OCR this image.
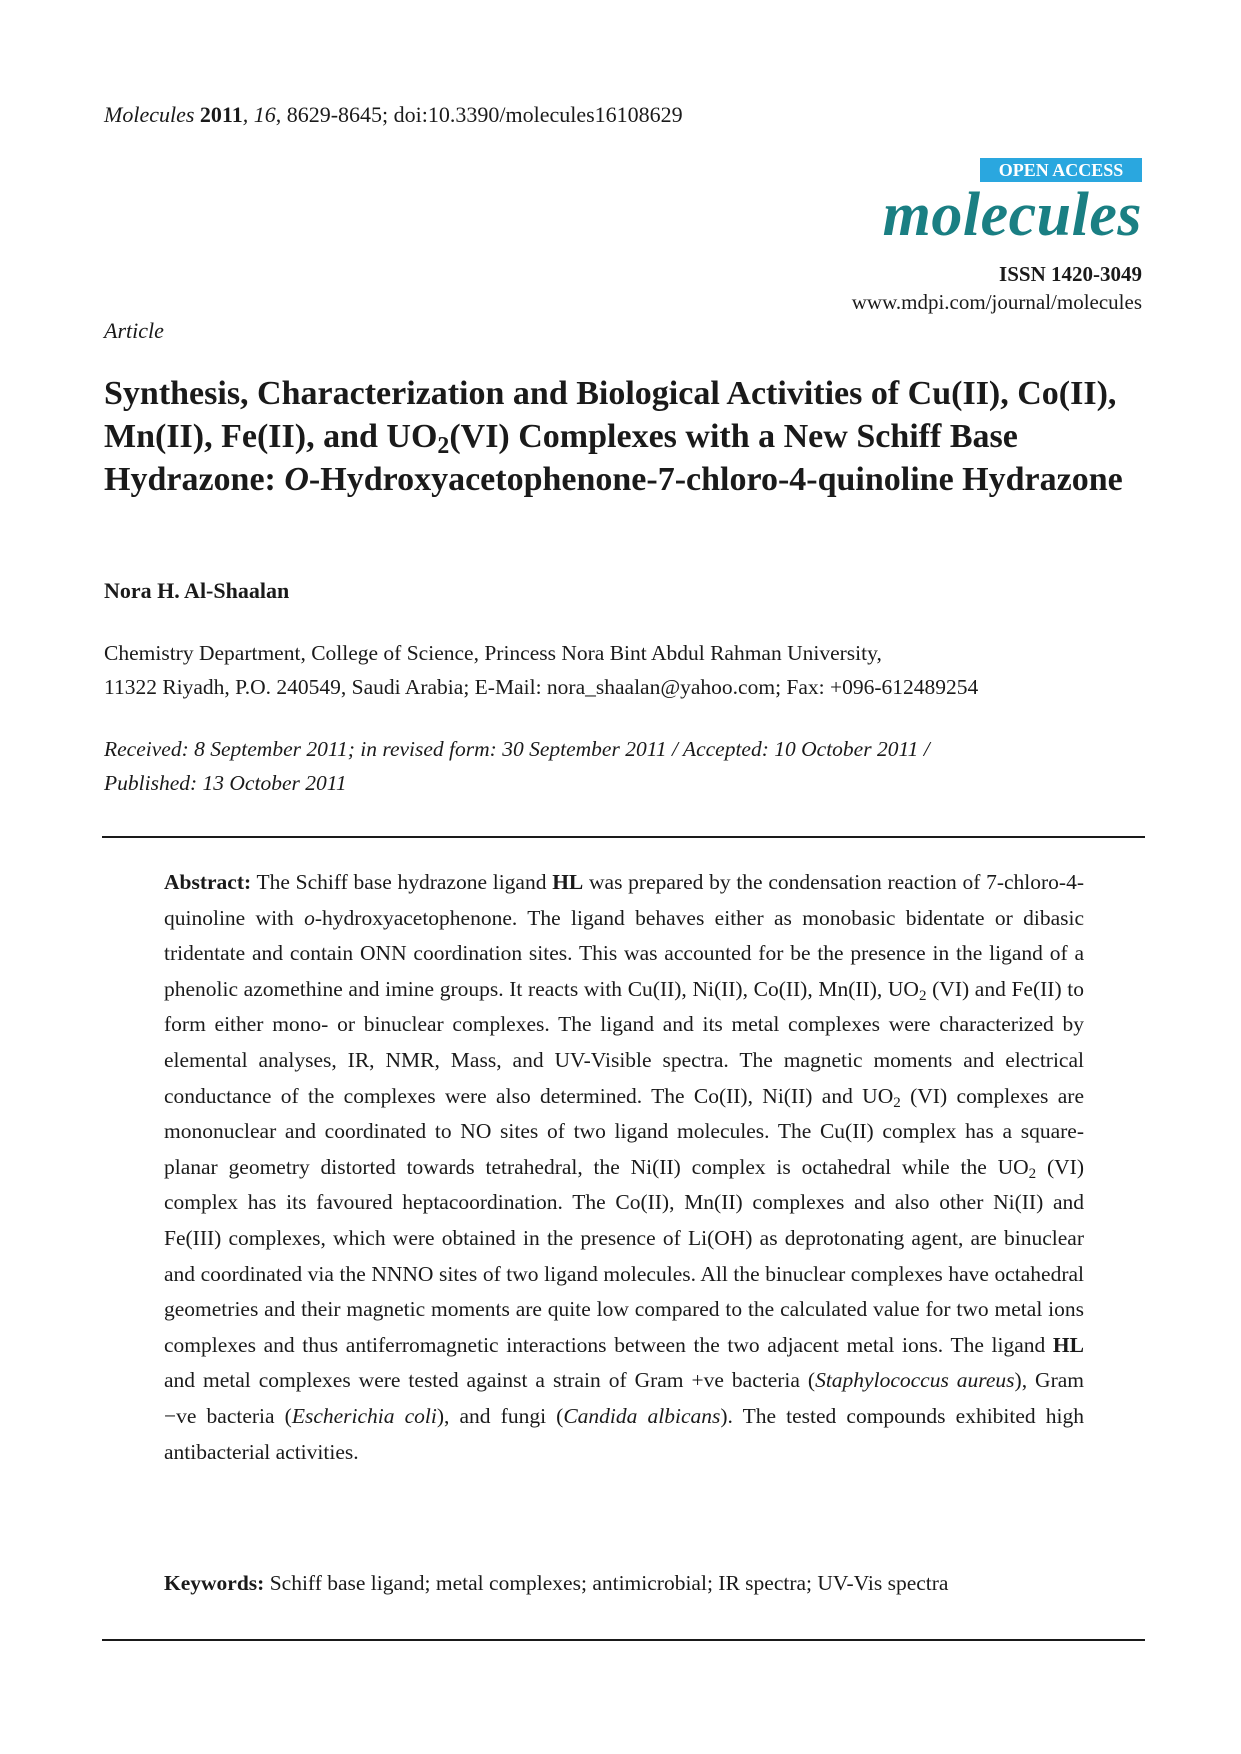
Molecules 2011, 16, 8629-8645; doi:10.3390/molecules16108629
OPEN ACCESS
molecules
ISSN 1420-3049
www.mdpi.com/journal/molecules
Article
Synthesis, Characterization and Biological Activities of Cu(II), Co(II), Mn(II), Fe(II), and $UO_2(VI)$ Complexes with a New Schiff Base Hydrazone: O-Hydroxyacetophenone-7-chloro-4-quinoline Hydrazone
Nora H. Al-Shaalan
Chemistry Department, College of Science, Princess Nora Bint Abdul Rahman University,
11322 Riyadh, P.O. 240549, Saudi Arabia; E-Mail: nora_shaalan@yahoo.com; Fax: +096-612489254
Received: 8 September 2011; in revised form: 30 September 2011 / Accepted: 10 October 2011 /
Published: 13 October 2011
Abstract: The Schiff base hydrazone ligand HL was prepared by the condensation reaction of 7-chloro-4-quinoline with o-hydroxyacetophenone. The ligand behaves either as monobasic bidentate or dibasic tridentate and contain ONN coordination sites. This was accounted for be the presence in the ligand of a phenolic azomethine and imine groups. It reacts with Cu(II), Ni(II), Co(II), Mn(II), $UO_2$ (VI) and Fe(II) to form either mono- or binuclear complexes. The ligand and its metal complexes were characterized by elemental analyses, IR, NMR, Mass, and UV-Visible spectra. The magnetic moments and electrical conductance of the complexes were also determined. The Co(II), Ni(II) and $UO_2$ (VI) complexes are mononuclear and coordinated to NO sites of two ligand molecules. The Cu(II) complex has a square-planar geometry distorted towards tetrahedral, the Ni(II) complex is octahedral while the $UO_2$ (VI) complex has its favoured heptacoordination. The Co(II), Mn(II) complexes and also other Ni(II) and Fe(III) complexes, which were obtained in the presence of Li(OH) as deprotonating agent, are binuclear and coordinated via the NNNO sites of two ligand molecules. All the binuclear complexes have octahedral geometries and their magnetic moments are quite low compared to the calculated value for two metal ions complexes and thus antiferromagnetic interactions between the two adjacent metal ions. The ligand HL and metal complexes were tested against a strain of Gram +ve bacteria (Staphylococcus aureus), Gram −ve bacteria (Escherichia coli), and fungi (Candida albicans). The tested compounds exhibited high antibacterial activities.
Keywords: Schiff base ligand; metal complexes; antimicrobial; IR spectra; UV-Vis spectra
